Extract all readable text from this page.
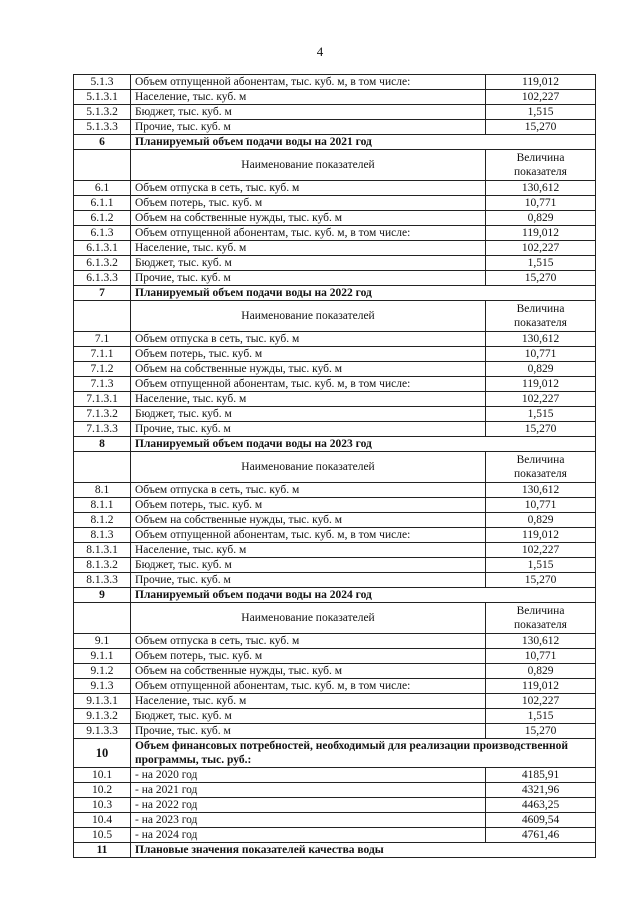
4
5.1.3	Объем отпущенной абонентам, тыс. куб. м, в том числе:	119,012
5.1.3.1	Население, тыс. куб. м	102,227
5.1.3.2	Бюджет, тыс. куб. м	1,515
5.1.3.3	Прочие, тыс. куб. м	15,270
6	Планируемый объем подачи воды на 2021 год	
	Наименование показателей	Величина показателя
6.1	Объем отпуска в сеть, тыс. куб. м	130,612
6.1.1	Объем потерь, тыс. куб. м	10,771
6.1.2	Объем на собственные нужды, тыс. куб. м	0,829
6.1.3	Объем отпущенной абонентам, тыс. куб. м, в том числе:	119,012
6.1.3.1	Население, тыс. куб. м	102,227
6.1.3.2	Бюджет, тыс. куб. м	1,515
6.1.3.3	Прочие, тыс. куб. м	15,270
7	Планируемый объем подачи воды на 2022 год	
	Наименование показателей	Величина показателя
7.1	Объем отпуска в сеть, тыс. куб. м	130,612
7.1.1	Объем потерь, тыс. куб. м	10,771
7.1.2	Объем на собственные нужды, тыс. куб. м	0,829
7.1.3	Объем отпущенной абонентам, тыс. куб. м, в том числе:	119,012
7.1.3.1	Население, тыс. куб. м	102,227
7.1.3.2	Бюджет, тыс. куб. м	1,515
7.1.3.3	Прочие, тыс. куб. м	15,270
8	Планируемый объем подачи воды на 2023 год	
	Наименование показателей	Величина показателя
8.1	Объем отпуска в сеть, тыс. куб. м	130,612
8.1.1	Объем потерь, тыс. куб. м	10,771
8.1.2	Объем на собственные нужды, тыс. куб. м	0,829
8.1.3	Объем отпущенной абонентам, тыс. куб. м, в том числе:	119,012
8.1.3.1	Население, тыс. куб. м	102,227
8.1.3.2	Бюджет, тыс. куб. м	1,515
8.1.3.3	Прочие, тыс. куб. м	15,270
9	Планируемый объем подачи воды на 2024 год	
	Наименование показателей	Величина показателя
9.1	Объем отпуска в сеть, тыс. куб. м	130,612
9.1.1	Объем потерь, тыс. куб. м	10,771
9.1.2	Объем на собственные нужды, тыс. куб. м	0,829
9.1.3	Объем отпущенной абонентам, тыс. куб. м, в том числе:	119,012
9.1.3.1	Население, тыс. куб. м	102,227
9.1.3.2	Бюджет, тыс. куб. м	1,515
9.1.3.3	Прочие, тыс. куб. м	15,270
10	Объем финансовых потребностей, необходимый для реализации производственной программы, тыс. руб.:	
10.1	- на 2020 год	4185,91
10.2	- на 2021 год	4321,96
10.3	- на 2022 год	4463,25
10.4	- на 2023 год	4609,54
10.5	- на 2024 год	4761,46
11	Плановые значения показателей качества воды	
